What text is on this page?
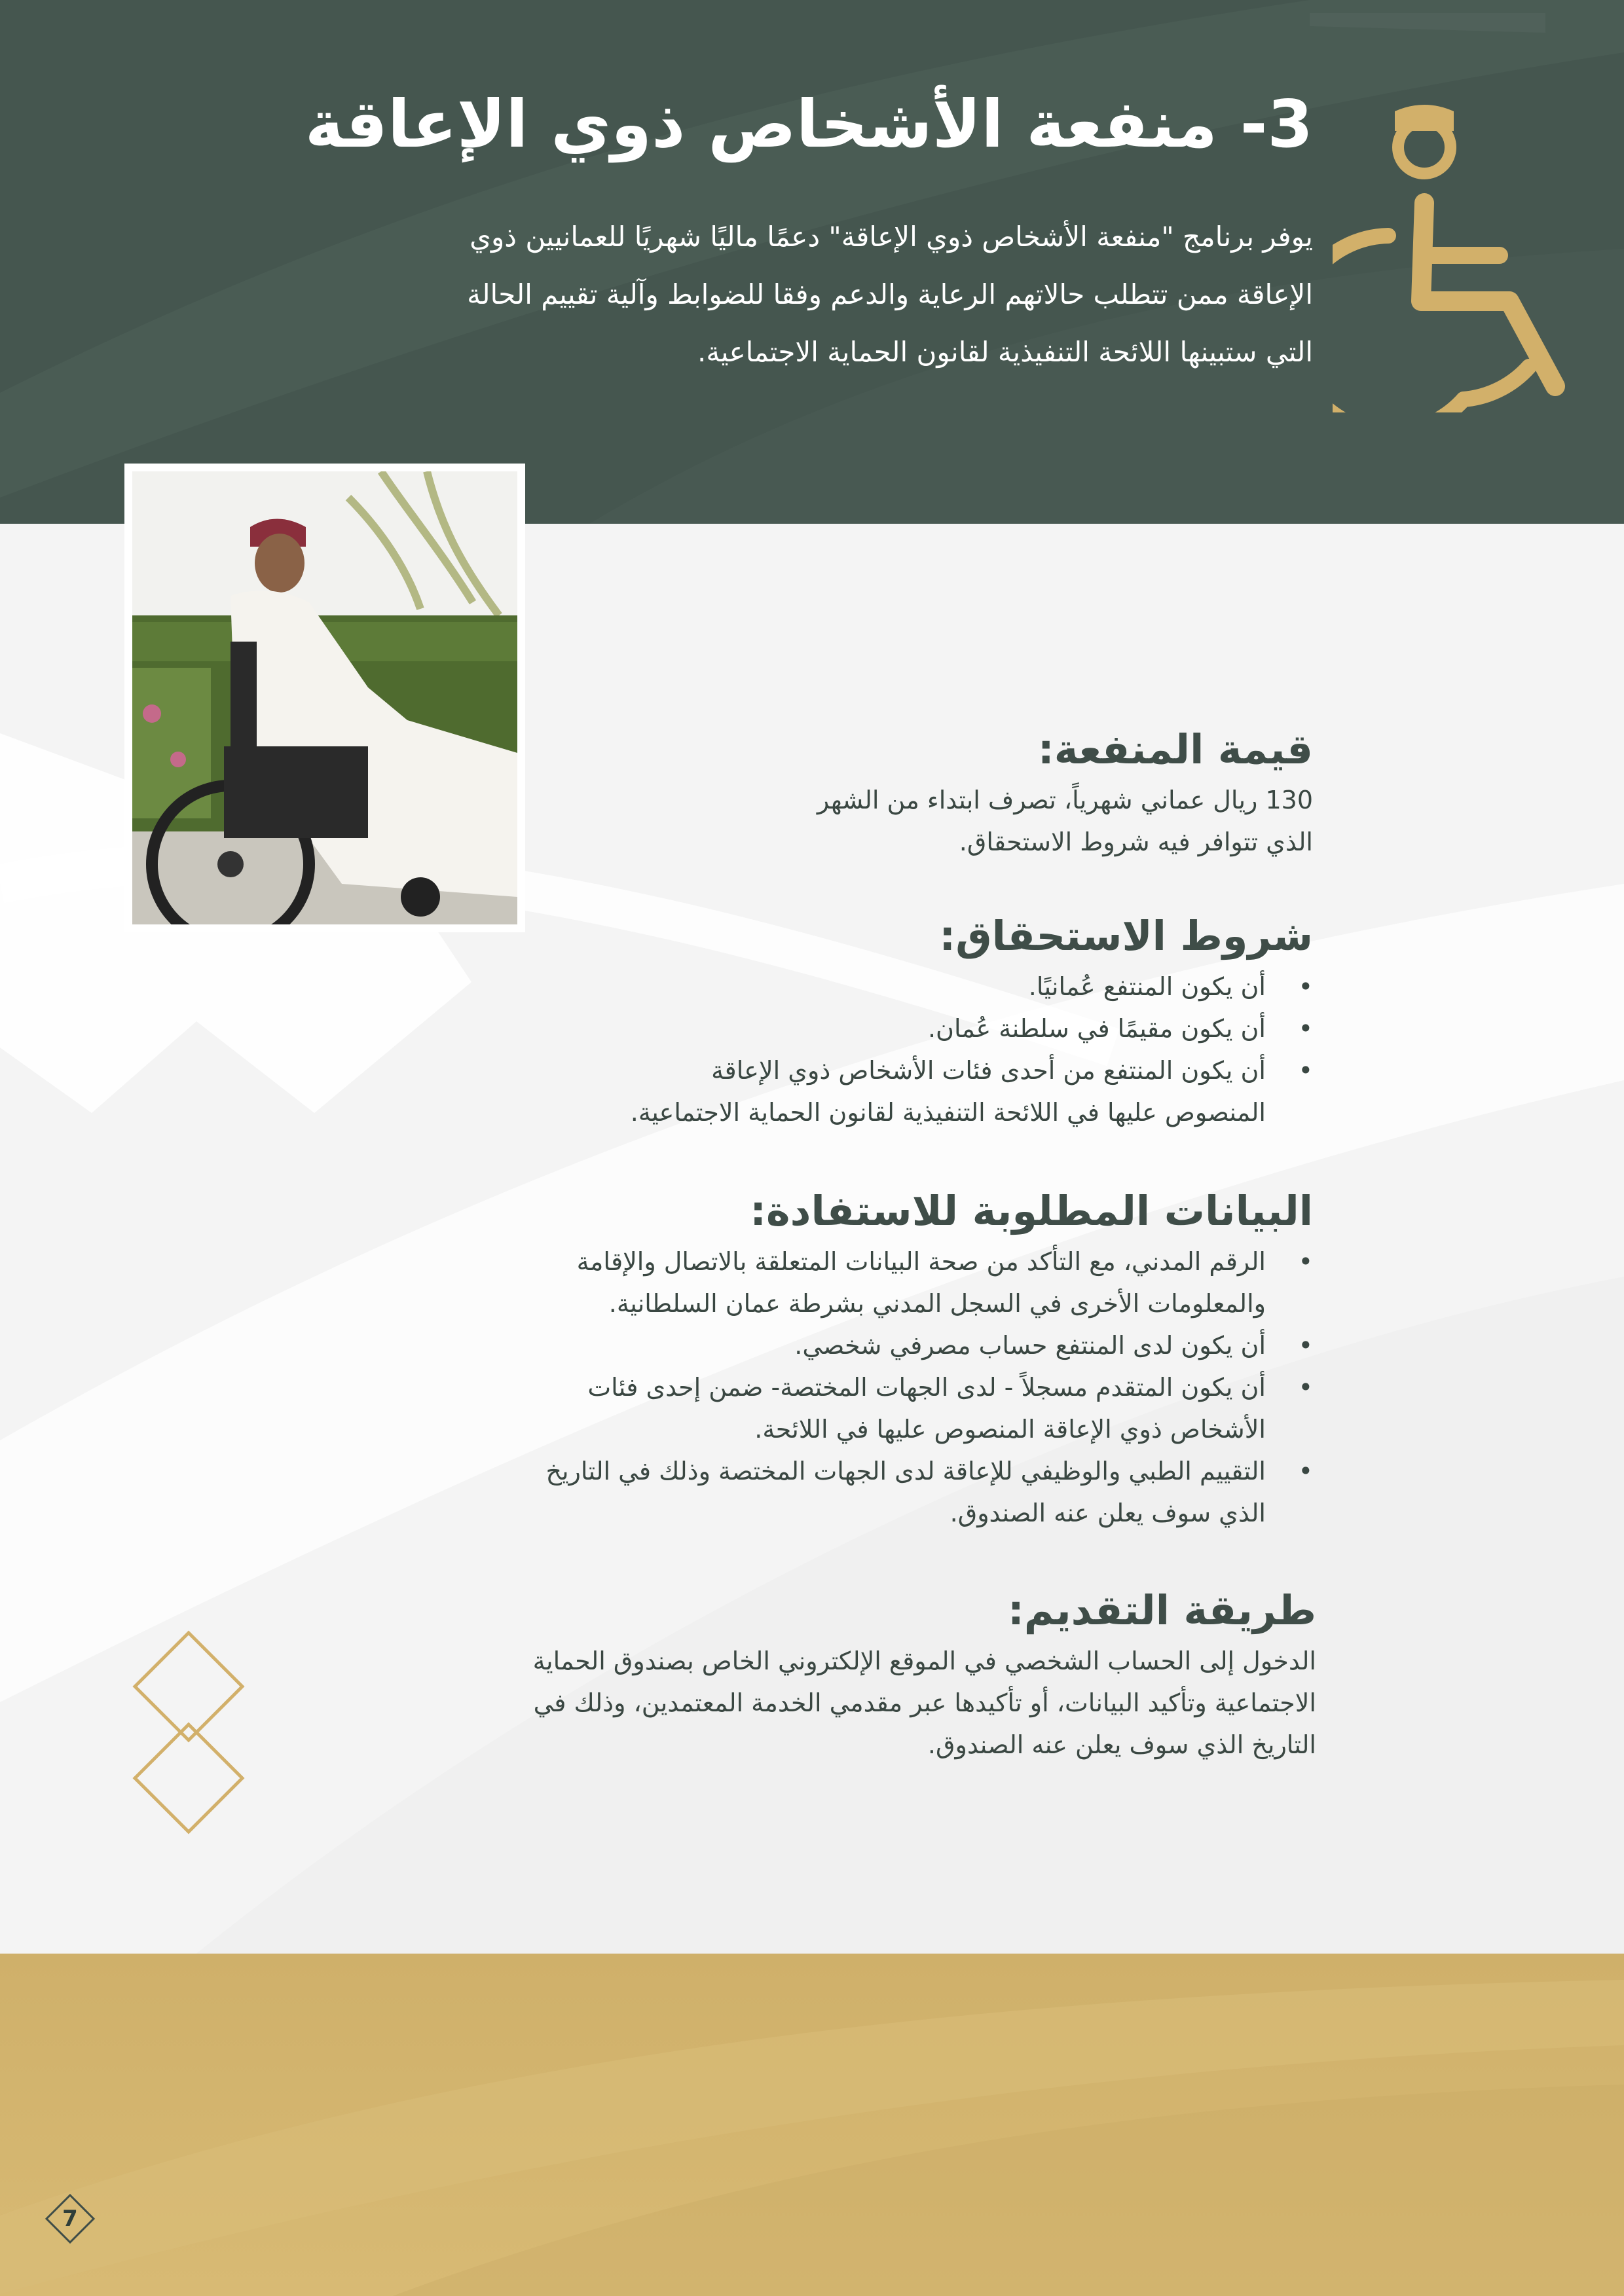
3- منفعة الأشخاص ذوي الإعاقة
يوفر برنامج "منفعة الأشخاص ذوي الإعاقة" دعمًا ماليًا شهريًا للعمانيين ذوي
الإعاقة ممن تتطلب حالاتهم الرعاية والدعم وفقا للضوابط وآلية تقييم الحالة
التي ستبينها اللائحة التنفيذية لقانون الحماية الاجتماعية.
قيمة المنفعة:

130 ريال عماني شهرياً، تصرف ابتداء من الشهر

الذي تتوافر فيه شروط الاستحقاق.

شروط الاستحقاق:
• أن يكون المنتفع عُمانيًا.
• أن يكون مقيمًا في سلطنة عُمان.
• أن يكون المنتفع من أحدى فئات الأشخاص ذوي الإعاقة
المنصوص عليها في اللائحة التنفيذية لقانون الحماية الاجتماعية.
البيانات المطلوبة للاستفادة:
• الرقم المدني، مع التأكد من صحة البيانات المتعلقة بالاتصال والإقامة
والمعلومات الأخرى في السجل المدني بشرطة عمان السلطانية.
• أن يكون لدى المنتفع حساب مصرفي شخصي.
• أن يكون المتقدم مسجلاً - لدى الجهات المختصة- ضمن إحدى فئات
الأشخاص ذوي الإعاقة المنصوص عليها في اللائحة.
• التقييم الطبي والوظيفي للإعاقة لدى الجهات المختصة وذلك في التاريخ
الذي سوف يعلن عنه الصندوق.
طريقة التقديم:

الدخول إلى الحساب الشخصي في الموقع الإلكتروني الخاص بصندوق الحماية

الاجتماعية وتأكيد البيانات، أو تأكيدها عبر مقدمي الخدمة المعتمدين، وذلك في

التاريخ الذي سوف يعلن عنه الصندوق.

7
